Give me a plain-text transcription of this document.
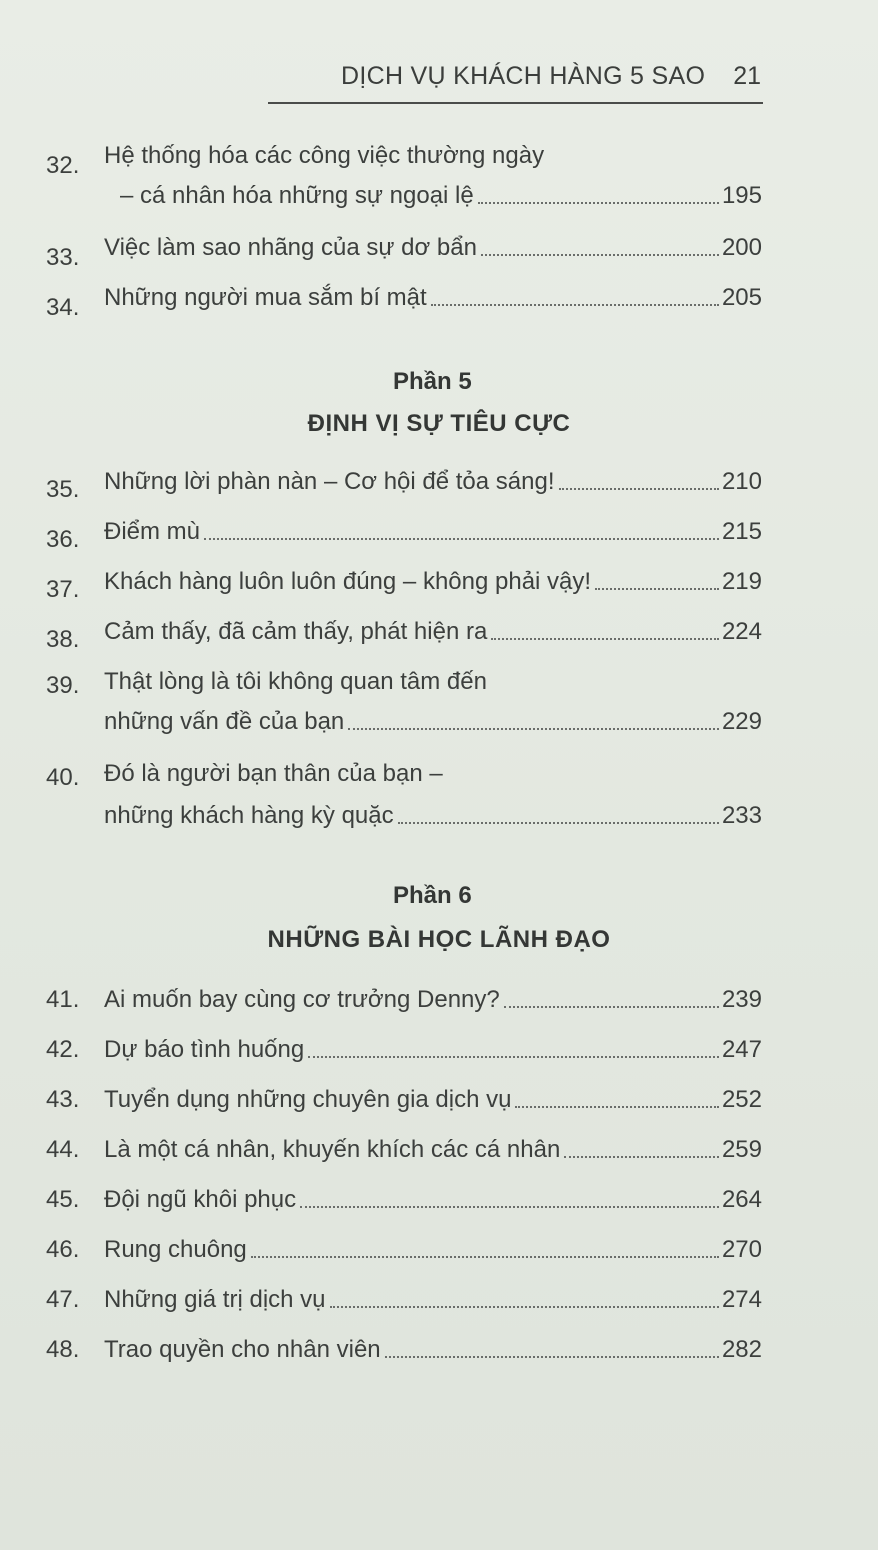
DỊCH VỤ KHÁCH HÀNG 5 SAO 21
32.	Hệ thống hóa các công việc thường ngày
– cá nhân hóa những sự ngoại lệ	195
33.	Việc làm sao nhãng của sự dơ bẩn	200
34.	Những người mua sắm bí mật	205
Phần 5
ĐỊNH VỊ SỰ TIÊU CỰC
35.	Những lời phàn nàn – Cơ hội để tỏa sáng!	210
36.	Điểm mù	215
37.	Khách hàng luôn luôn đúng – không phải vậy!	219
38.	Cảm thấy, đã cảm thấy, phát hiện ra	224
39.	Thật lòng là tôi không quan tâm đến
những vấn đề của bạn	229
40.	Đó là người bạn thân của bạn –
những khách hàng kỳ quặc	233
Phần 6
NHỮNG BÀI HỌC LÃNH ĐẠO
41.	Ai muốn bay cùng cơ trưởng Denny?	239
42.	Dự báo tình huống	247
43.	Tuyển dụng những chuyên gia dịch vụ	252
44.	Là một cá nhân, khuyến khích các cá nhân	259
45.	Đội ngũ khôi phục	264
46.	Rung chuông	270
47.	Những giá trị dịch vụ	274
48.	Trao quyền cho nhân viên	282
